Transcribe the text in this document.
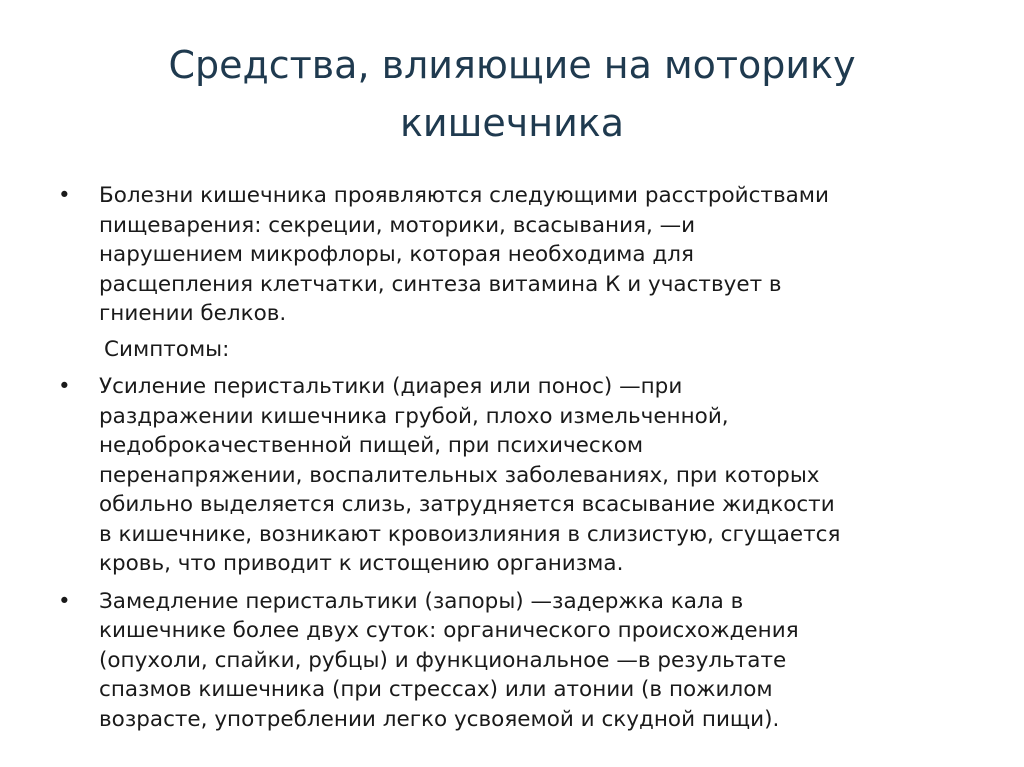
Средства, влияющие на моторику
кишечника
•	Болезни кишечника проявляются следующими расстройствами
пищеварения: секреции, моторики, всасывания, —и
нарушением микрофлоры, которая необходима для
расщепления клетчатки, синтеза витамина К и участвует в
гниении белков.
Симптомы:
•	Усиление перистальтики (диарея или понос) —при
раздражении кишечника грубой, плохо измельченной,
недоброкачественной пищей, при психическом
перенапряжении, воспалительных заболеваниях, при которых
обильно выделяется слизь, затрудняется всасывание жидкости
в кишечнике, возникают кровоизлияния в слизистую, сгущается
кровь, что приводит к истощению организма.
•	Замедление перистальтики (запоры) —задержка кала в
кишечнике более двух суток: органического происхождения
(опухоли, спайки, рубцы) и функциональное —в результате
спазмов кишечника (при стрессах) или атонии (в пожилом
возрасте, употреблении легко усвояемой и скудной пищи).
